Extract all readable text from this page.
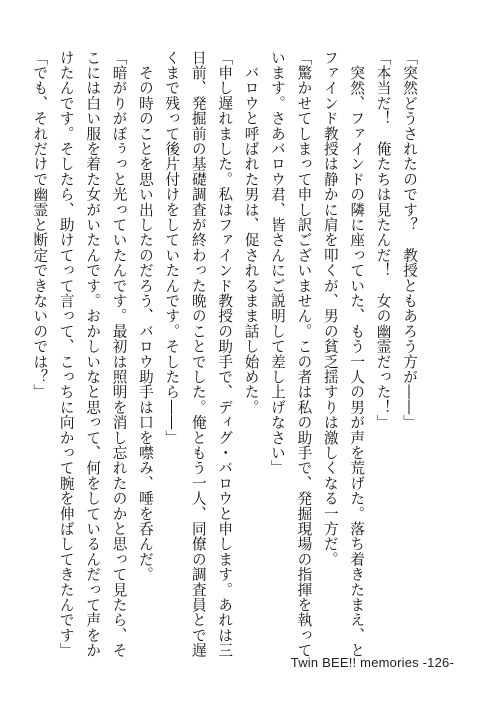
「突然どうされたのです？　教授ともあろう方が――」
「本当だ！　俺たちは見たんだ！　女の幽霊だった！」
　突然、ファインドの隣に座っていた、もう一人の男が声を荒げた。落ち着きたまえ、と
ファインド教授は静かに肩を叩くが、男の貧乏揺すりは激しくなる一方だ。
「驚かせてしまって申し訳ございません。この者は私の助手で、発掘現場の指揮を執って
います。さあバロウ君、皆さんにご説明して差し上げなさい」
　バロウと呼ばれた男は、促されるまま話し始めた。
「申し遅れました。私はファインド教授の助手で、ディグ・バロウと申します。あれは三
日前、発掘前の基礎調査が終わった晩のことでした。俺ともう一人、同僚の調査員とで遅
くまで残って後片付けをしていたんです。そしたら――」
　その時のことを思い出したのだろう、バロウ助手は口を噤み、唾を呑んだ。
「暗がりがぼぅっと光っていたんです。最初は照明を消し忘れたのかと思って見たら、そ
こには白い服を着た女がいたんです。おかしいなと思って、何をしているんだって声をか
けたんです。そしたら、助けてって言って、こっちに向かって腕を伸ばしてきたんです」
「でも、それだけで幽霊と断定できないのでは？」
Twin BEE!! memories -126-
